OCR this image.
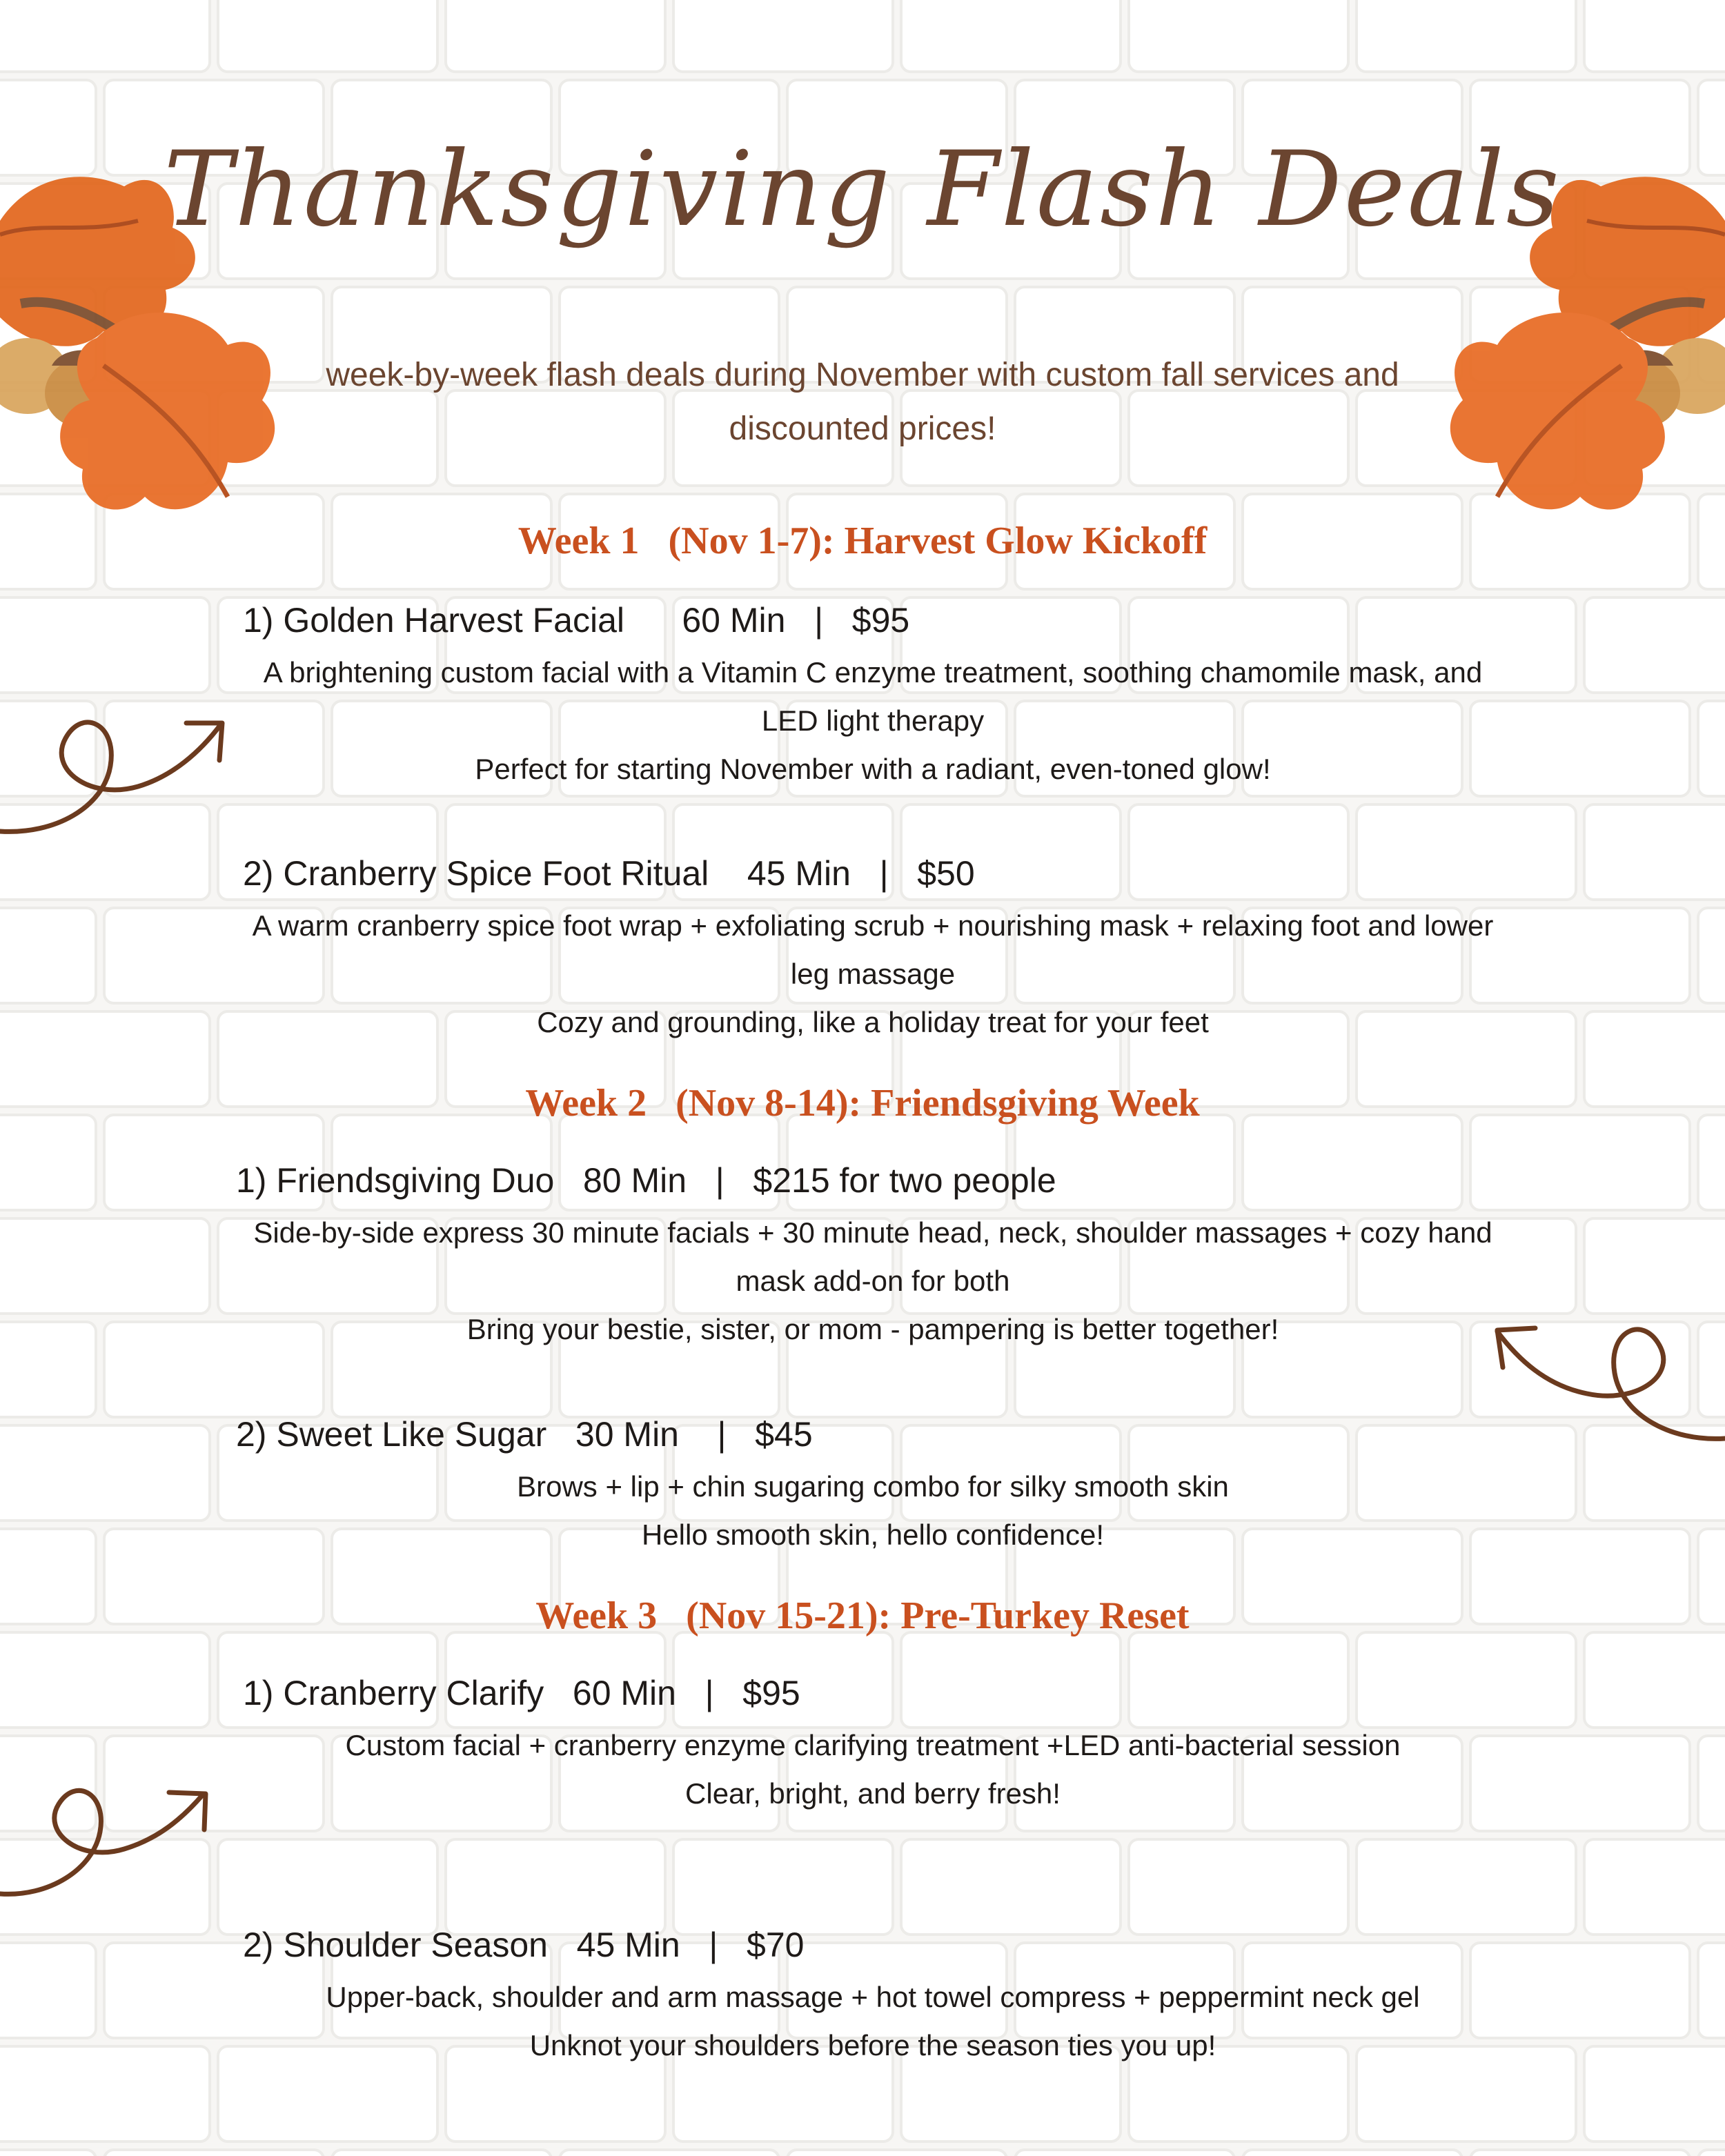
Thanksgiving Flash Deals
week-by-week flash deals during November with custom fall services and discounted prices!
Week 1   (Nov 1-7): Harvest Glow Kickoff
1) Golden Harvest Facial      60 Min   |   $95
A brightening custom facial with a Vitamin C enzyme treatment, soothing chamomile mask, and LED light therapy
Perfect for starting November with a radiant, even-toned glow!
2) Cranberry Spice Foot Ritual    45 Min   |   $50
A warm cranberry spice foot wrap + exfoliating scrub + nourishing mask + relaxing foot and lower leg massage
Cozy and grounding, like a holiday treat for your feet
Week 2   (Nov 8-14): Friendsgiving Week
1) Friendsgiving Duo   80 Min   |   $215 for two people
Side-by-side express 30 minute facials + 30 minute head, neck, shoulder massages + cozy hand mask add-on for both
Bring your bestie, sister, or mom - pampering is better together!
2) Sweet Like Sugar   30 Min    |   $45
Brows + lip + chin sugaring combo for silky smooth skin
Hello smooth skin, hello confidence!
Week 3   (Nov 15-21): Pre-Turkey Reset
1) Cranberry Clarify   60 Min   |   $95
Custom facial + cranberry enzyme clarifying treatment +LED anti-bacterial session
Clear, bright, and berry fresh!
2) Shoulder Season   45 Min   |   $70
Upper-back, shoulder and arm massage + hot towel compress + peppermint neck gel
Unknot your shoulders before the season ties you up!
